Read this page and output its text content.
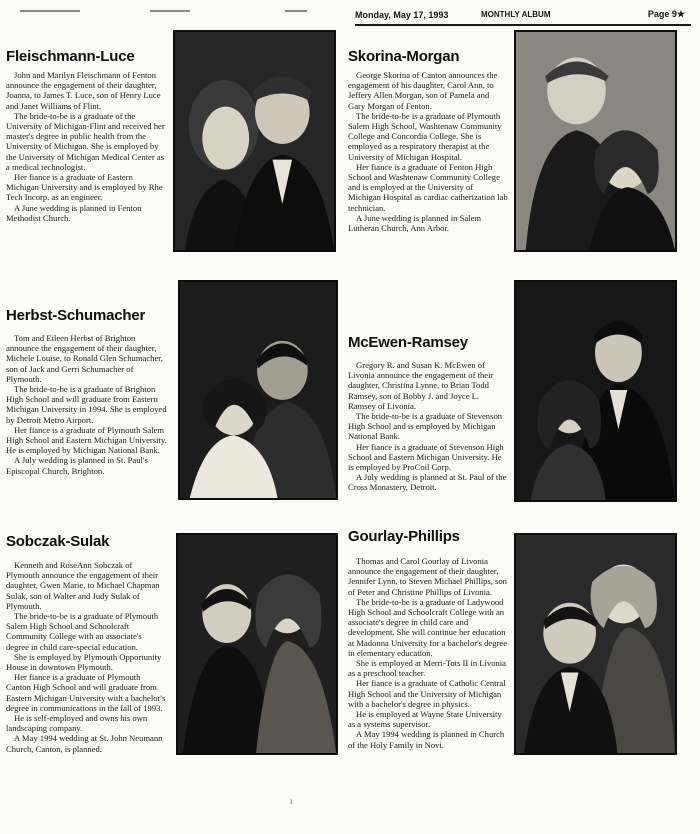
Monday, May 17, 1993	MONTHLY ALBUM	Page 9★
Fleischmann-Luce

John and Marilyn Fleischmann of Fenton announce the engagement of their daughter, Joanna, to James T. Luce, son of Henry Luce and Janet Williams of Flint.

The bride-to-be is a graduate of the University of Michigan-Flint and received her master's degree in public health from the University of Michigan. She is employed by the University of Michigan Medical Center as a medical technologist.

Her fiance is a graduate of Eastern Michigan University and is employed by Rhe Tech Incorp. as an engineer.

A June wedding is planned in Fenton Methodist Church.

Skorina-Morgan

George Skorina of Canton announces the engagement of his daughter, Carol Ann, to Jeffery Allen Morgan, son of Pamela and Gary Morgan of Fenton.

The bride-to-be is a graduate of Plymouth Salem High School, Washtenaw Community College and Concordia College. She is employed as a respiratory therapist at the University of Michigan Hospital.

Her fiance is a graduate of Fenton High School and Washtenaw Community College and is employed at the University of Michigan Hospital as cardiac catherization lab technician.

A June wedding is planned in Salem Lutheran Church, Ann Arbor.

Herbst-Schumacher

Tom and Eileen Herbst of Brighton announce the engagement of their daughter, Michele Louise, to Ronald Glen Schumacher, son of Jack and Gerri Schumacher of Plymouth.

The bride-to-be is a graduate of Brighton High School and will graduate from Eastern Michigan University in 1994. She is employed by Detroit Metro Airport.

Her fiance is a graduate of Plymouth Salem High School and Eastern Michigan University. He is employed by Michigan National Bank.

A July wedding is planned in St. Paul's Episcopal Church, Brighton.

McEwen-Ramsey

Gregory R. and Susan K. McEwen of Livonia announce the engagement of their daughter, Christina Lynne, to Brian Todd Ramsey, son of Bobby J. and Joyce L. Ramsey of Livonia.

The bride-to-be is a graduate of Stevenson High School and is employed by Michigan National Bank.

Her fiance is a graduate of Stevenson High School and Eastern Michigan University. He is employed by ProCoil Corp.

A July wedding is planned at St. Paul of the Cross Monastery, Detroit.

Sobczak-Sulak

Kenneth and RoseAnn Sobczak of Plymouth announce the engagement of their daughter, Gwen Marie, to Michael Chapman Sulak, son of Walter and Judy Sulak of Plymouth.

The bride-to-be is a graduate of Plymouth Salem High School and Schoolcraft Community College with an associate's degree in child care-special education.

She is employed by Plymouth Opportunity House in downtown Plymouth.

Her fiance is a graduate of Plymouth Canton High School and will graduate from Eastern Michigan University with a bachelor's degree in communications in the fall of 1993.

He is self-employed and owns his own landscaping company.

A May 1994 wedding at St. John Neumann Church, Canton, is planned.

Gourlay-Phillips

Thomas and Carol Gourlay of Livonia announce the engagement of their daughter, Jennifer Lynn, to Steven Michael Phillips, son of Peter and Christine Phillips of Livonia.

The bride-to-be is a graduate of Ladywood High School and Schoolcraft College with an associate's degree in child care and development. She will continue her education at Madonna University for a bachelor's degree in elementary education.

She is employed at Merri-Tots II in Livonia as a preschool teacher.

Her fiance is a graduate of Catholic Central High School and the University of Michigan with a bachelor's degree in physics.

He is employed at Wayne State University as a systems supervisor.

A May 1994 wedding is planned in Church of the Holy Family in Novi.

ı
